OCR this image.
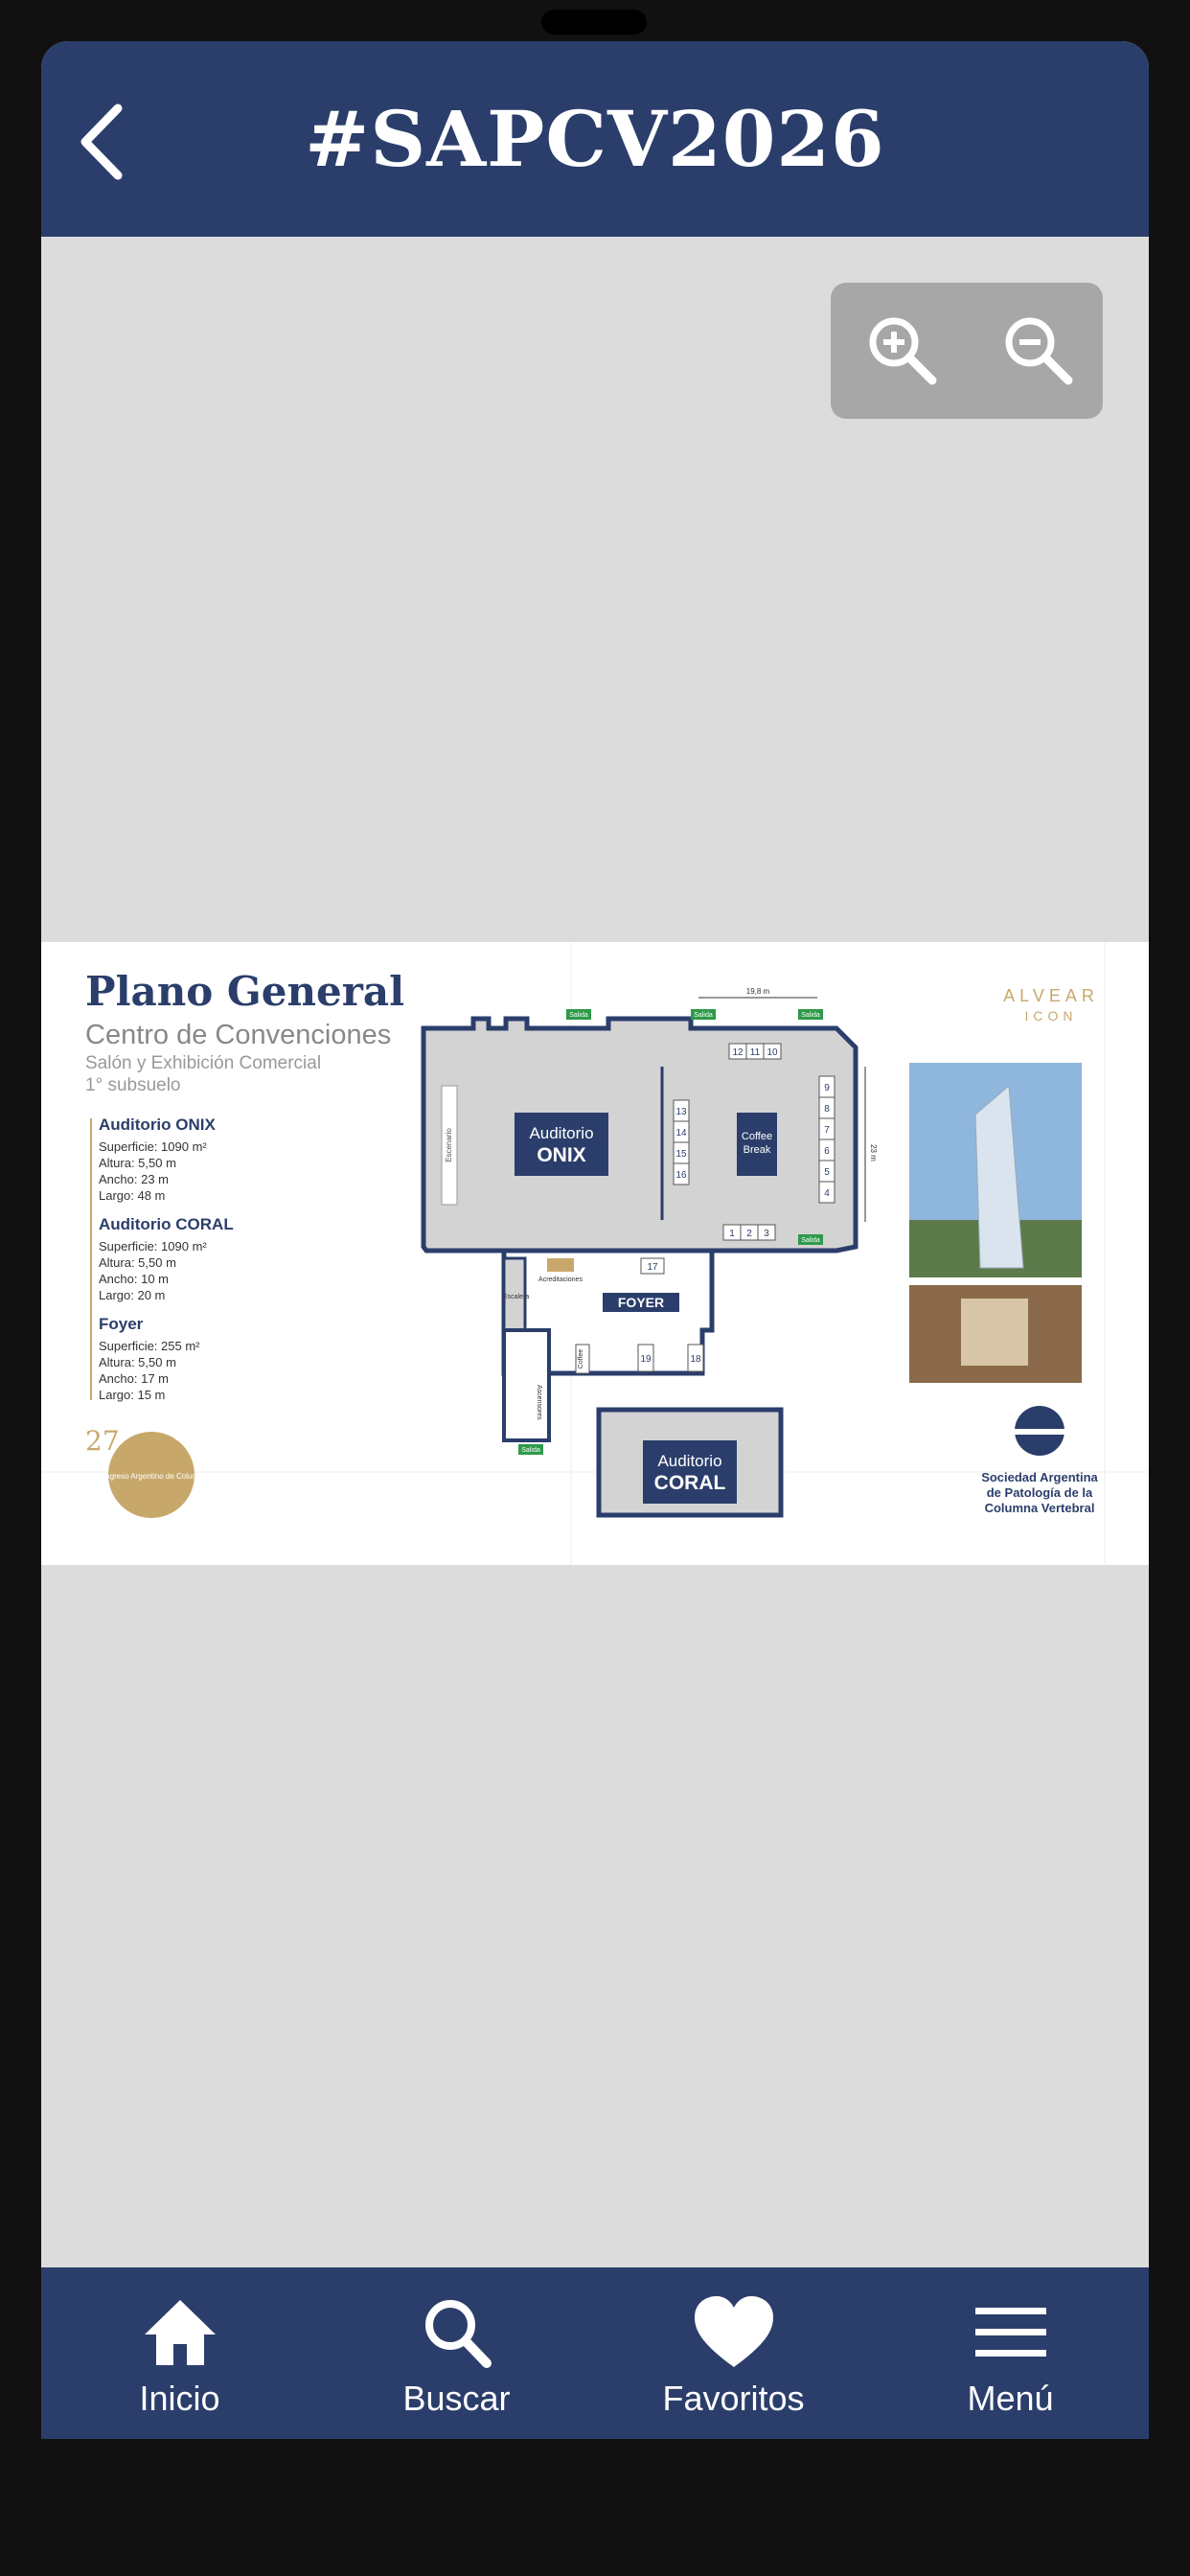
#SAPCV2026
Plano General
Centro de Convenciones
Salón y Exhibición Comercial
1° subsuelo
Auditorio ONIX
Superficie: 1090 m²
Altura: 5,50 m
Ancho: 23 m
Largo: 48 m
Auditorio CORAL
Superficie: 1090 m²
Altura: 5,50 m
Ancho: 10 m
Largo: 20 m
Foyer
Superficie: 255 m²
Altura: 5,50 m
Ancho: 17 m
Largo: 15 m
27
Congreso Argentino de Columna
Escenario	Auditorio
ONIX
Coffee
Break
12 11 10
13
14
15
16
9
8
7
6
5
4
1 2 3
17
19	18
FOYER
Acreditaciones
Escalera
Ascensores
Coffee
Auditorio
CORAL
Salida	Salida	Salida
Salida
Salida
19,8 m
23 m
ALVEAR
ICON
Sociedad Argentina
de Patología de la
Columna Vertebral
Inicio	Buscar	Favoritos	Menú
